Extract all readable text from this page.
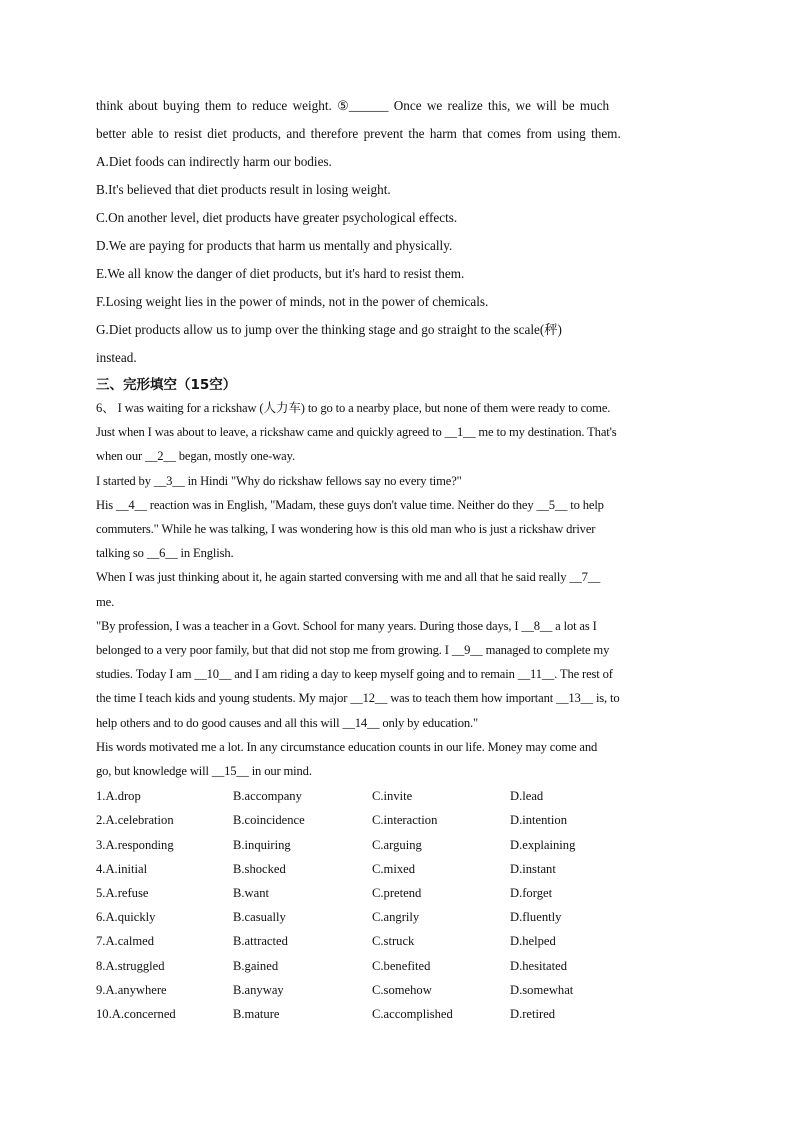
think about buying them to reduce weight. ⑤______ Once we realize this, we will be much
better able to resist diet products, and therefore prevent the harm that comes from using them.
A.Diet foods can indirectly harm our bodies.
B.It's believed that diet products result in losing weight.
C.On another level, diet products have greater psychological effects.
D.We are paying for products that harm us mentally and physically.
E.We all know the danger of diet products, but it's hard to resist them.
F.Losing weight lies in the power of minds, not in the power of chemicals.
G.Diet products allow us to jump over the thinking stage and go straight to the scale(秤)
instead.
三、完形填空（15空）
6、 I was waiting for a rickshaw (人力车) to go to a nearby place, but none of them were ready to come.
Just when I was about to leave, a rickshaw came and quickly agreed to __1__ me to my destination. That's
when our __2__ began, mostly one-way.
I started by __3__ in Hindi "Why do rickshaw fellows say no every time?"
His __4__ reaction was in English, "Madam, these guys don't value time. Neither do they __5__ to help
commuters." While he was talking, I was wondering how is this old man who is just a rickshaw driver
talking so __6__ in English.
When I was just thinking about it, he again started conversing with me and all that he said really __7__
me.
"By profession, I was a teacher in a Govt. School for many years. During those days, I __8__ a lot as I
belonged to a very poor family, but that did not stop me from growing. I __9__ managed to complete my
studies. Today I am __10__ and I am riding a day to keep myself going and to remain __11__. The rest of
the time I teach kids and young students. My major __12__ was to teach them how important __13__ is, to
help others and to do good causes and all this will __14__ only by education."
His words motivated me a lot. In any circumstance education counts in our life. Money may come and
go, but knowledge will __15__ in our mind.
1.A.drop	B.accompany	C.invite	D.lead
2.A.celebration	B.coincidence	C.interaction	D.intention
3.A.responding	B.inquiring	C.arguing	D.explaining
4.A.initial	B.shocked	C.mixed	D.instant
5.A.refuse	B.want	C.pretend	D.forget
6.A.quickly	B.casually	C.angrily	D.fluently
7.A.calmed	B.attracted	C.struck	D.helped
8.A.struggled	B.gained	C.benefited	D.hesitated
9.A.anywhere	B.anyway	C.somehow	D.somewhat
10.A.concerned	B.mature	C.accomplished	D.retired
